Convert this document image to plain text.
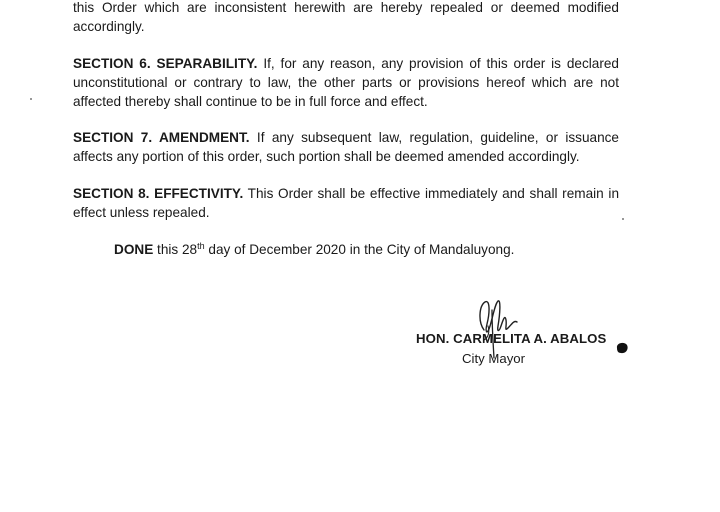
this Order which are inconsistent herewith are hereby repealed or deemed modified accordingly.
SECTION 6. SEPARABILITY. If, for any reason, any provision of this order is declared unconstitutional or contrary to law, the other parts or provisions hereof which are not affected thereby shall continue to be in full force and effect.
SECTION 7. AMENDMENT. If any subsequent law, regulation, guideline, or issuance affects any portion of this order, such portion shall be deemed amended accordingly.
SECTION 8. EFFECTIVITY. This Order shall be effective immediately and shall remain in effect unless repealed.
DONE this 28th day of December 2020 in the City of Mandaluyong.
HON. CARMELITA A. ABALOS
City Mayor
